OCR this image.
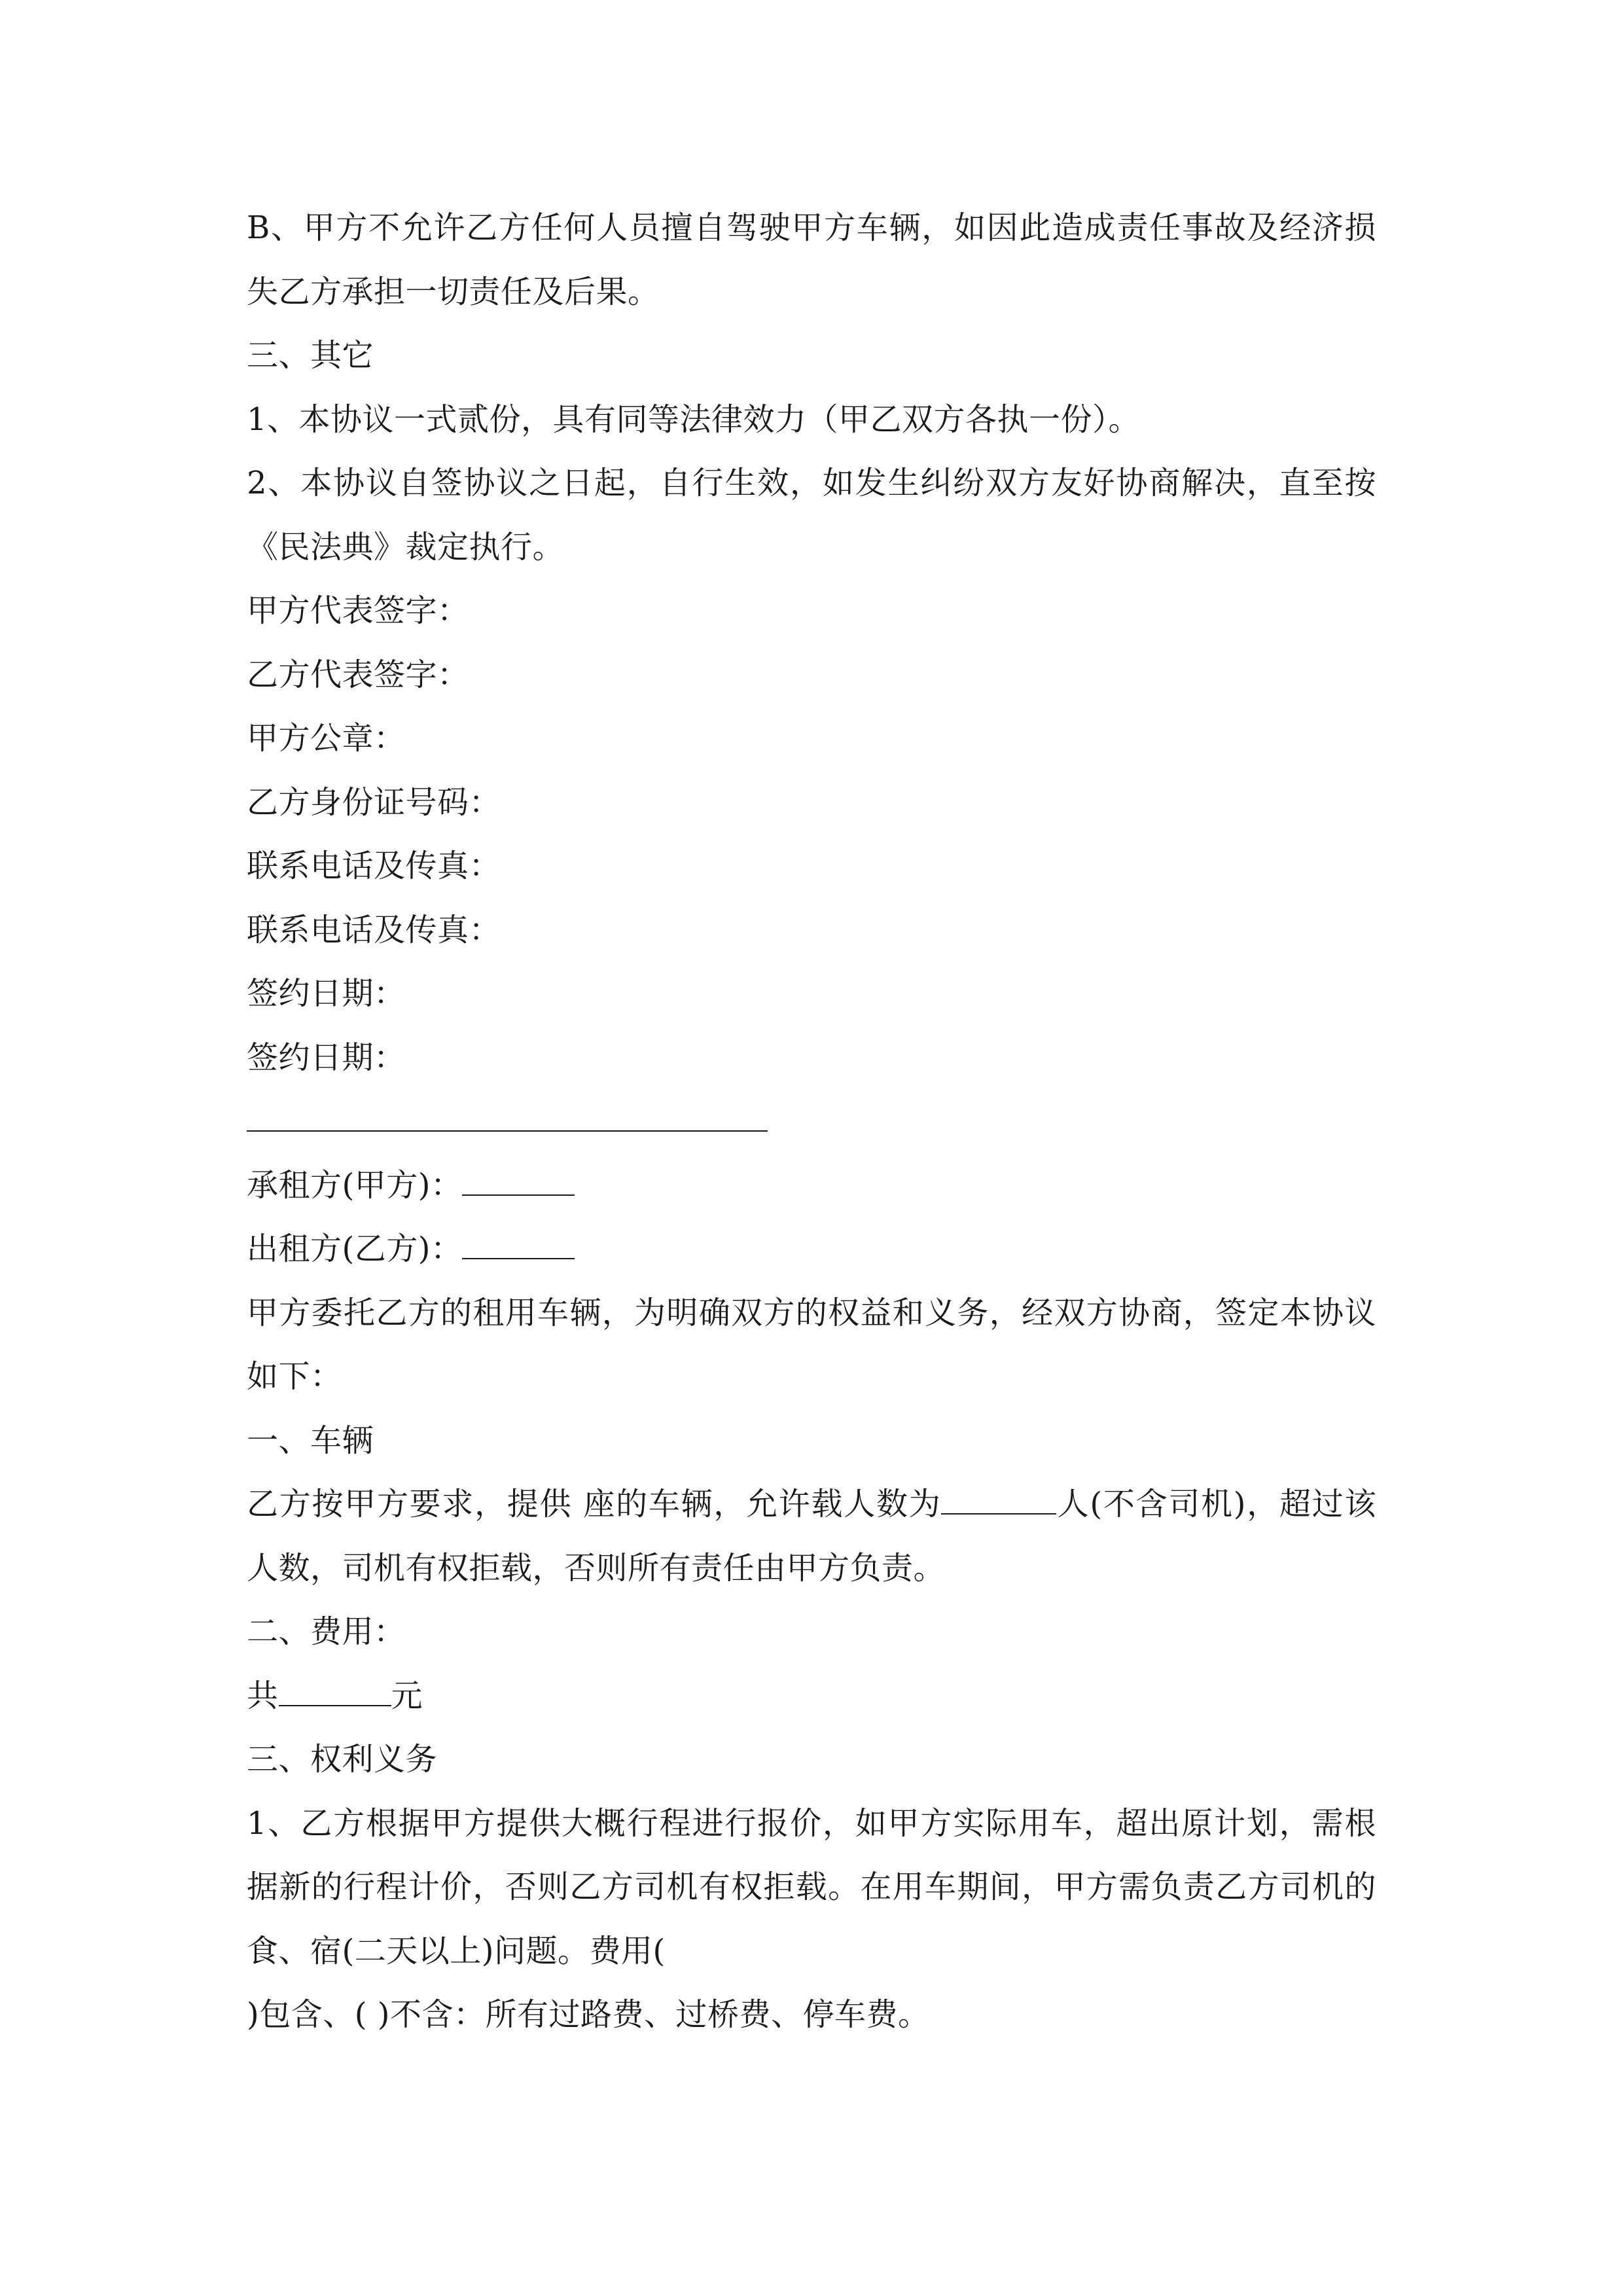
B、甲方不允许乙方任何人员擅自驾驶甲方车辆，如因此造成责任事故及经济损
失乙方承担一切责任及后果。
三、其它
1、本协议一式贰份，具有同等法律效力（甲乙双方各执一份）。
2、本协议自签协议之日起，自行生效，如发生纠纷双方友好协商解决，直至按
《民法典》裁定执行。
甲方代表签字：
乙方代表签字：
甲方公章：
乙方身份证号码：
联系电话及传真：
联系电话及传真：
签约日期：
签约日期：
承租方(甲方)：
出租方(乙方)：
甲方委托乙方的租用车辆，为明确双方的权益和义务，经双方协商，签定本协议
如下：
一、车辆
乙方按甲方要求，提供 座的车辆，允许载人数为	人(不含司机)，超过该
人数，司机有权拒载，否则所有责任由甲方负责。
二、费用：
共	元
三、权利义务
1、乙方根据甲方提供大概行程进行报价，如甲方实际用车，超出原计划，需根
据新的行程计价，否则乙方司机有权拒载。在用车期间，甲方需负责乙方司机的
食、宿(二天以上)问题。费用(
)包含、( )不含：所有过路费、过桥费、停车费。
